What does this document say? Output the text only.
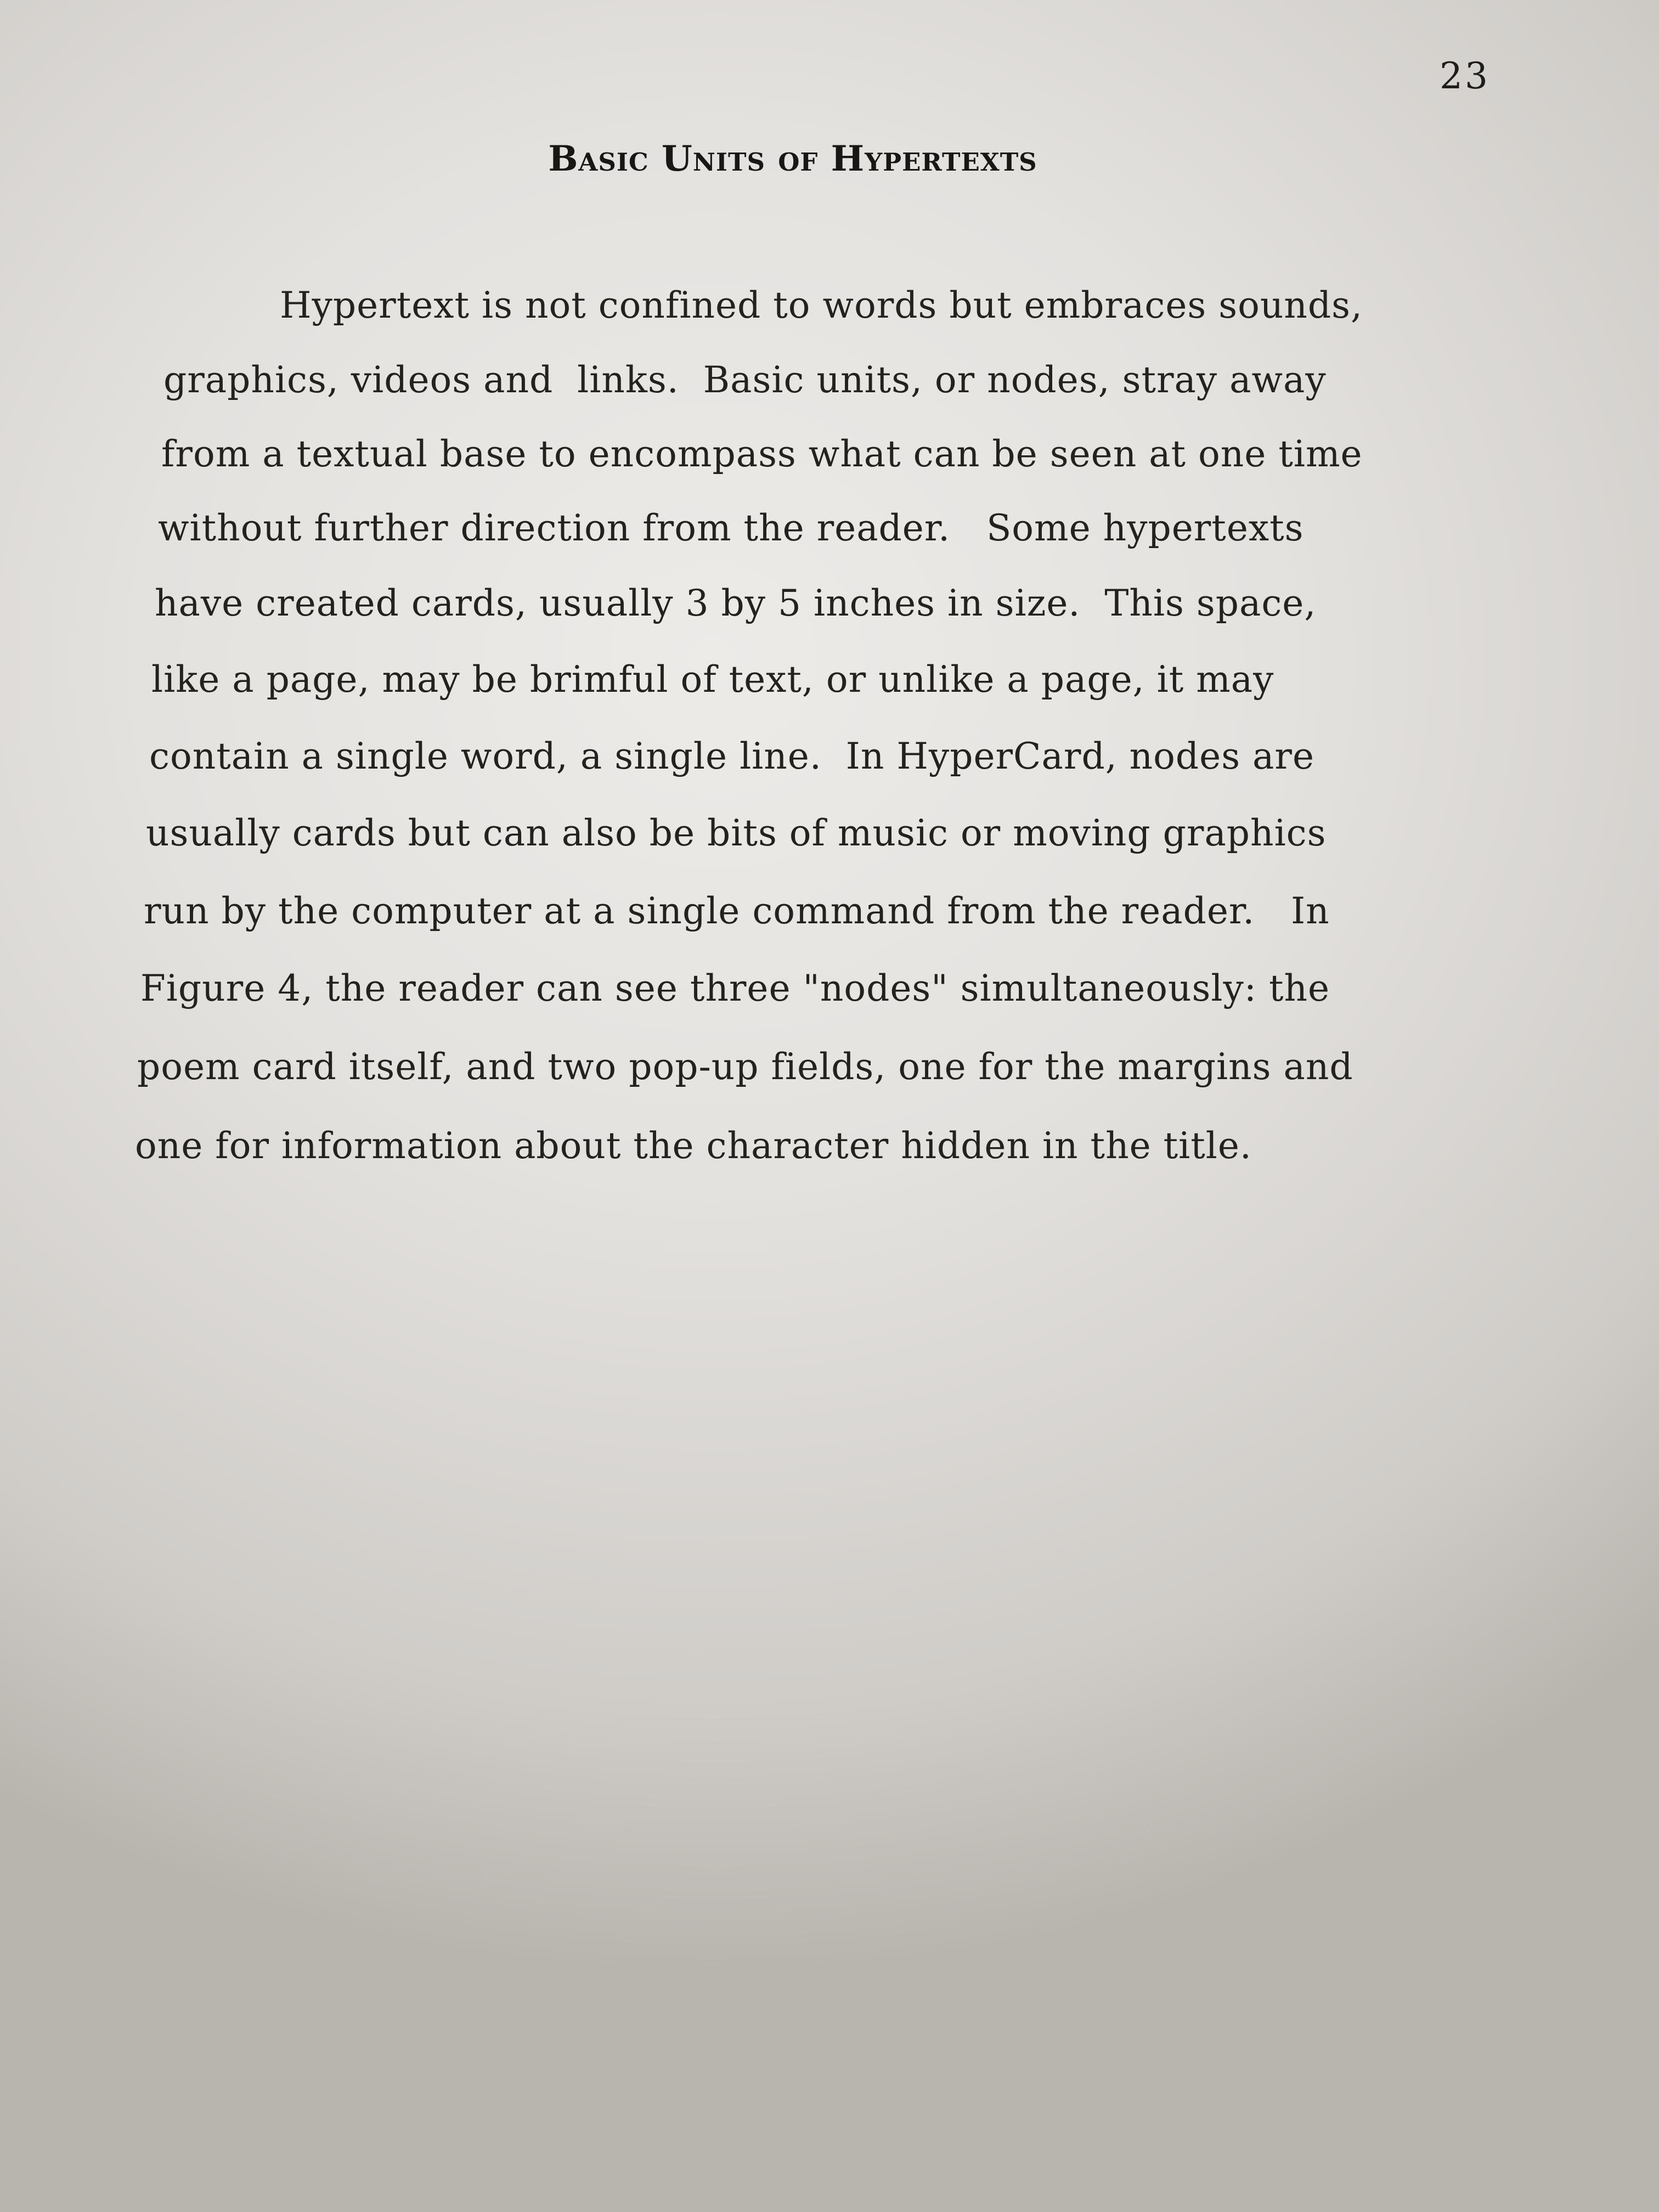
23
Basic Units of Hypertexts
Hypertext is not confined to words but embraces sounds,
graphics, videos and  links.  Basic units, or nodes, stray away
from a textual base to encompass what can be seen at one time
without further direction from the reader.   Some hypertexts
have created cards, usually 3 by 5 inches in size.  This space,
like a page, may be brimful of text, or unlike a page, it may
contain a single word, a single line.  In HyperCard, nodes are
usually cards but can also be bits of music or moving graphics
run by the computer at a single command from the reader.   In
Figure 4, the reader can see three "nodes" simultaneously: the
poem card itself, and two pop-up fields, one for the margins and
one for information about the character hidden in the title.
